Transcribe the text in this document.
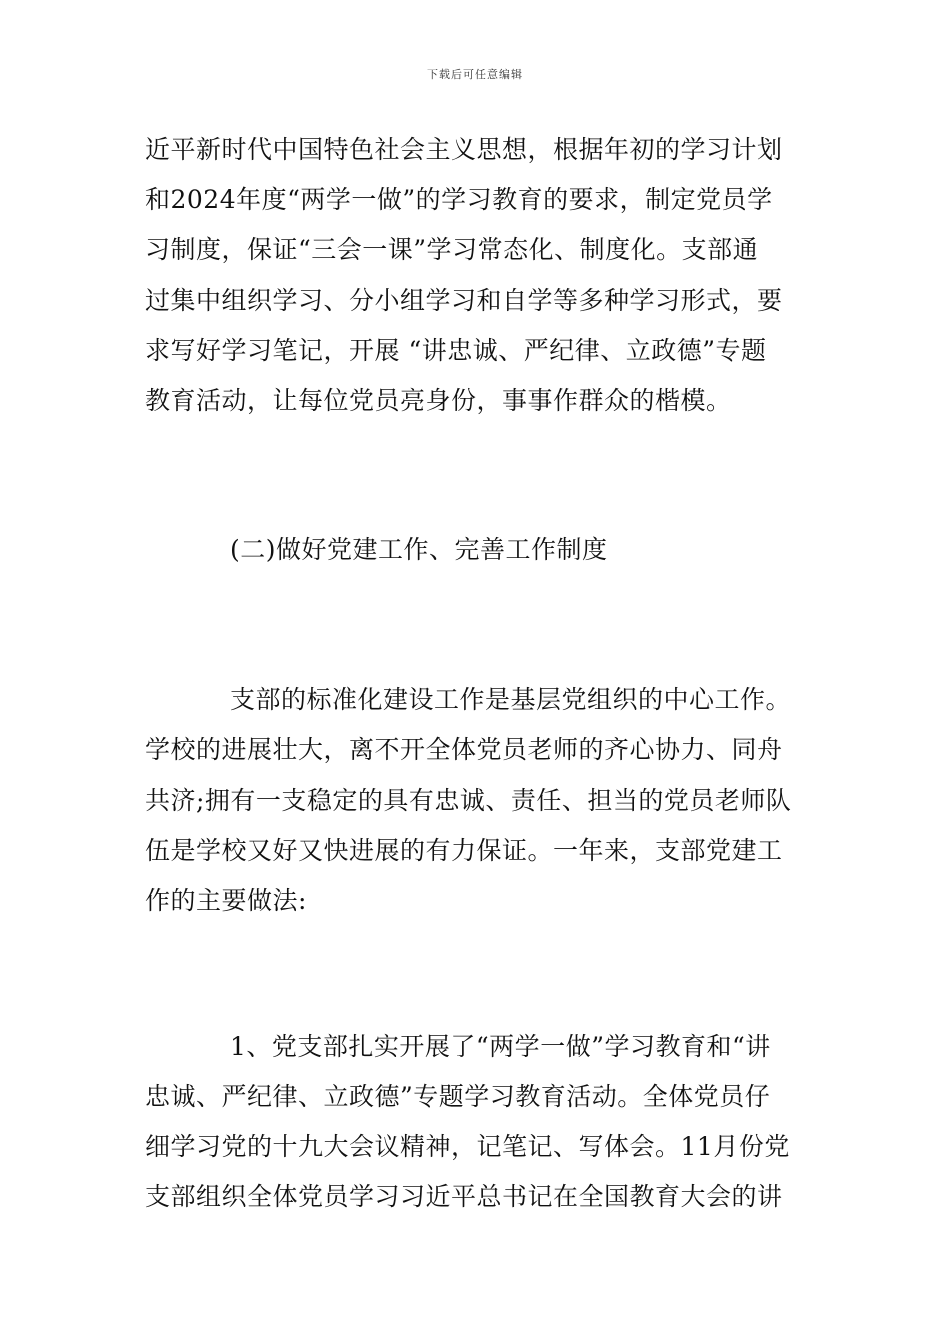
下载后可任意编辑
近平新时代中国特色社会主义思想，根据年初的学习计划
和2024年度“两学一做”的学习教育的要求，制定党员学
习制度，保证“三会一课”学习常态化、制度化。支部通
过集中组织学习、分小组学习和自学等多种学习形式，要
求写好学习笔记，开展 “讲忠诚、严纪律、立政德”专题
教育活动，让每位党员亮身份，事事作群众的楷模。
(二)做好党建工作、完善工作制度
支部的标准化建设工作是基层党组织的中心工作。
学校的进展壮大，离不开全体党员老师的齐心协力、同舟
共济;拥有一支稳定的具有忠诚、责任、担当的党员老师队
伍是学校又好又快进展的有力保证。一年来，支部党建工
作的主要做法:
1、党支部扎实开展了“两学一做”学习教育和“讲
忠诚、严纪律、立政德”专题学习教育活动。全体党员仔
细学习党的十九大会议精神，记笔记、写体会。11月份党
支部组织全体党员学习习近平总书记在全国教育大会的讲
